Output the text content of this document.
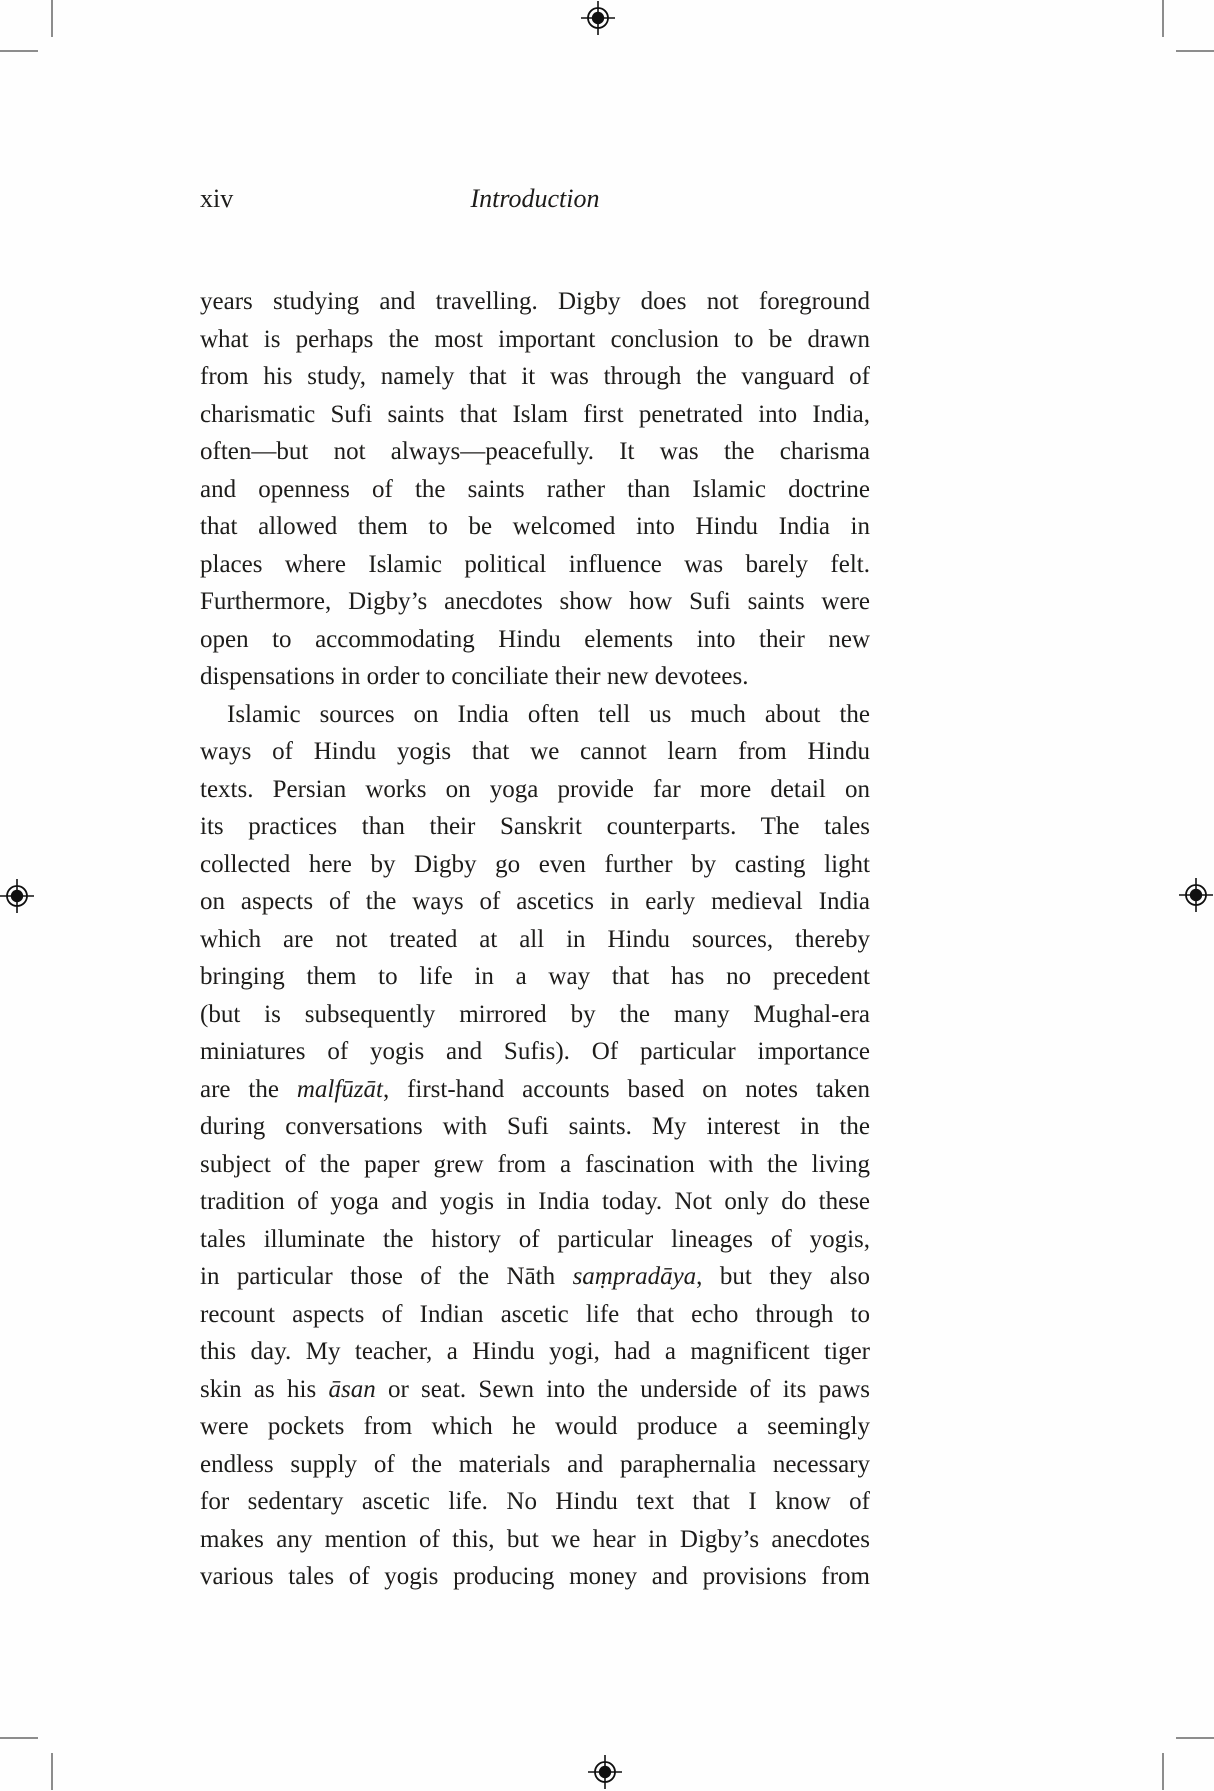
xiv	Introduction
years studying and travelling. Digby does not foreground
what is perhaps the most important conclusion to be drawn
from his study, namely that it was through the vanguard of
charismatic Sufi saints that Islam first penetrated into India,
often—but not always—peacefully. It was the charisma
and openness of the saints rather than Islamic doctrine
that allowed them to be welcomed into Hindu India in
places where Islamic political influence was barely felt.
Furthermore, Digby’s anecdotes show how Sufi saints were
open to accommodating Hindu elements into their new
dispensations in order to conciliate their new devotees.
Islamic sources on India often tell us much about the
ways of Hindu yogis that we cannot learn from Hindu
texts. Persian works on yoga provide far more detail on
its practices than their Sanskrit counterparts. The tales
collected here by Digby go even further by casting light
on aspects of the ways of ascetics in early medieval India
which are not treated at all in Hindu sources, thereby
bringing them to life in a way that has no precedent
(but is subsequently mirrored by the many Mughal-era
miniatures of yogis and Sufis). Of particular importance
are the malfūzāt, first-hand accounts based on notes taken
during conversations with Sufi saints. My interest in the
subject of the paper grew from a fascination with the living
tradition of yoga and yogis in India today. Not only do these
tales illuminate the history of particular lineages of yogis,
in particular those of the Nāth saṃpradāya, but they also
recount aspects of Indian ascetic life that echo through to
this day. My teacher, a Hindu yogi, had a magnificent tiger
skin as his āsan or seat. Sewn into the underside of its paws
were pockets from which he would produce a seemingly
endless supply of the materials and paraphernalia necessary
for sedentary ascetic life. No Hindu text that I know of
makes any mention of this, but we hear in Digby’s anecdotes
various tales of yogis producing money and provisions from
